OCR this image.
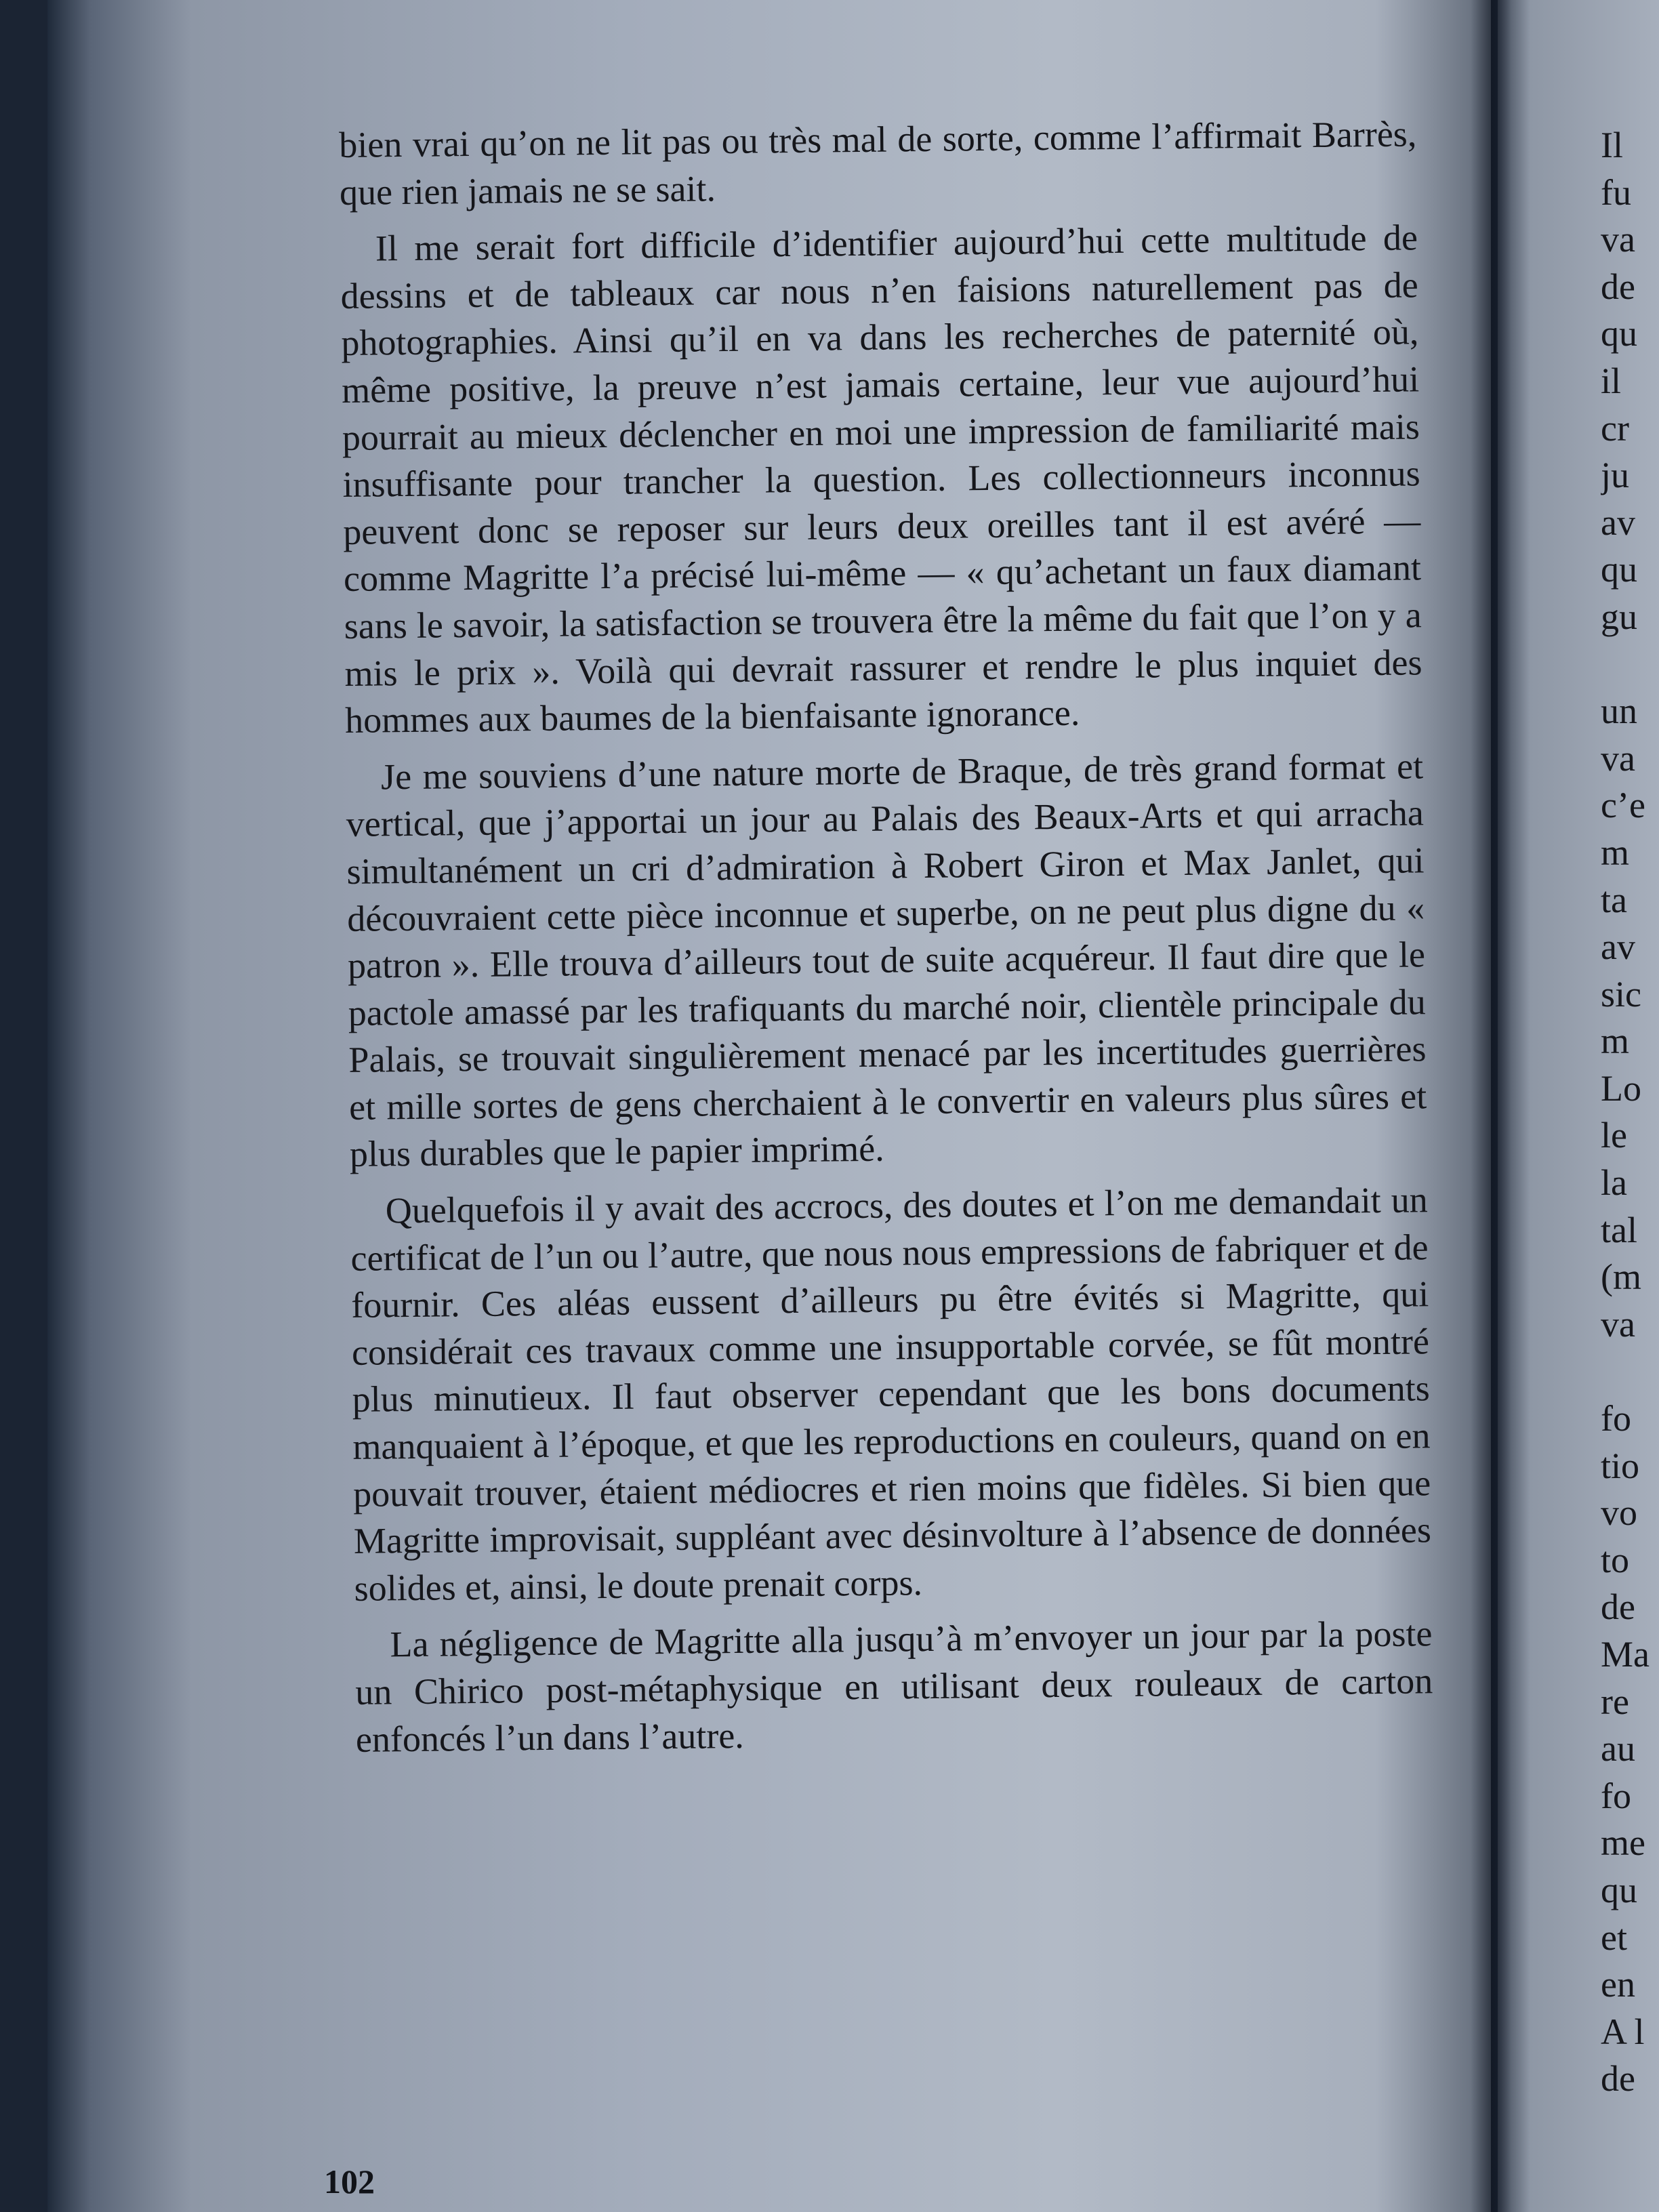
bien vrai qu’on ne lit pas ou très mal de sorte, comme l’affirmait Barrès, que rien jamais ne se sait.

Il me serait fort difficile d’identifier aujourd’hui cette multitude de dessins et de tableaux car nous n’en faisions naturellement pas de photographies. Ainsi qu’il en va dans les recherches de paternité où, même positive, la preuve n’est jamais certaine, leur vue aujourd’hui pourrait au mieux déclencher en moi une impression de familiarité mais insuffisante pour trancher la question. Les collectionneurs inconnus peuvent donc se reposer sur leurs deux oreilles tant il est avéré — comme Magritte l’a précisé lui-même — « qu’achetant un faux diamant sans le savoir, la satisfaction se trouvera être la même du fait que l’on y a mis le prix ». Voilà qui devrait rassurer et rendre le plus inquiet des hommes aux baumes de la bienfaisante ignorance.

Je me souviens d’une nature morte de Braque, de très grand format et vertical, que j’apportai un jour au Palais des Beaux-Arts et qui arracha simultanément un cri d’admiration à Robert Giron et Max Janlet, qui découvraient cette pièce inconnue et superbe, on ne peut plus digne du « patron ». Elle trouva d’ailleurs tout de suite acquéreur. Il faut dire que le pactole amassé par les trafiquants du marché noir, clientèle principale du Palais, se trouvait singulièrement menacé par les incertitudes guerrières et mille sortes de gens cherchaient à le convertir en valeurs plus sûres et plus durables que le papier imprimé.

Quelquefois il y avait des accrocs, des doutes et l’on me demandait un certificat de l’un ou l’autre, que nous nous empressions de fabriquer et de fournir. Ces aléas eussent d’ailleurs pu être évités si Magritte, qui considérait ces travaux comme une insupportable corvée, se fût montré plus minutieux. Il faut observer cependant que les bons documents manquaient à l’époque, et que les reproductions en couleurs, quand on en pouvait trouver, étaient médiocres et rien moins que fidèles. Si bien que Magritte improvisait, suppléant avec désinvolture à l’absence de données solides et, ainsi, le doute prenait corps.

La négligence de Magritte alla jusqu’à m’envoyer un jour par la poste un Chirico post-métaphysique en utilisant deux rouleaux de carton enfoncés l’un dans l’autre.

102
Il
fu
va
de
qu
il
cr
ju
av
qu
gu
un
va
c’e
m
ta
av
sic
m
Lo
le
la
tal
(m
va
fo
tio
vo
to
de
Ma
re
au
fo
me
qu
et
en
A l
de
